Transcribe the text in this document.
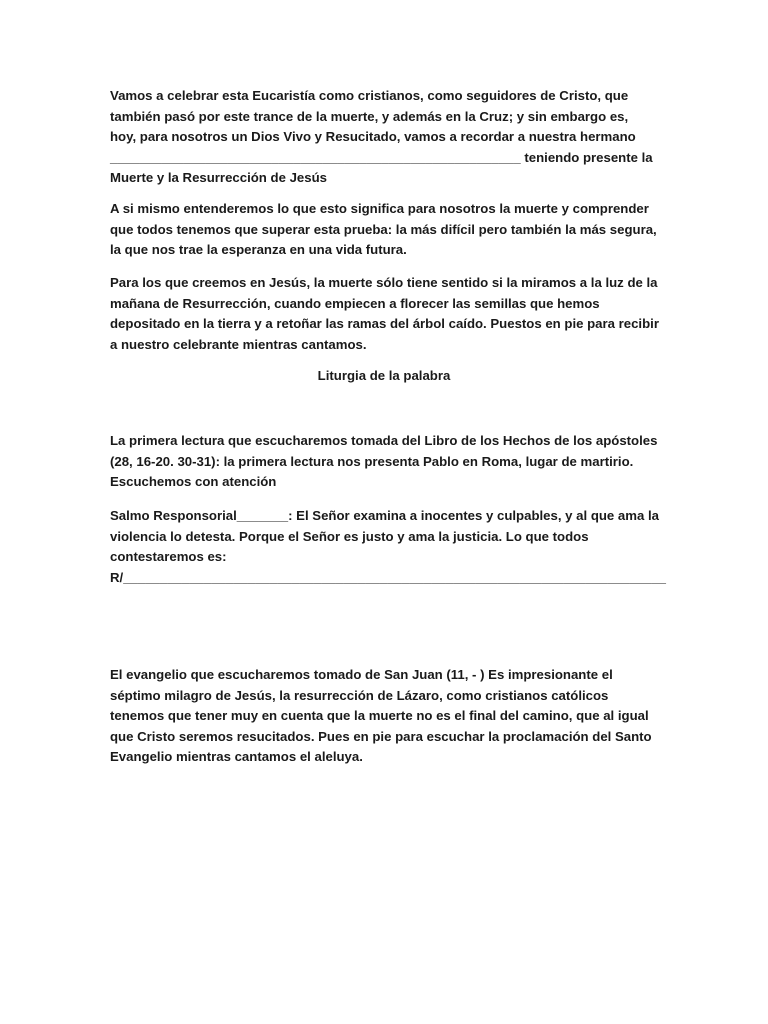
Vamos a celebrar esta Eucaristía como cristianos, como seguidores de Cristo, que
también pasó por este trance de la muerte, y además en la Cruz; y sin embargo es,
hoy, para nosotros un Dios Vivo y Resucitado, vamos a recordar a nuestra hermano
________________________________________________________ teniendo presente la
Muerte y la Resurrección de Jesús

A si mismo entenderemos lo que esto significa para nosotros la muerte y comprender que todos tenemos que superar esta prueba: la más difícil pero también la más segura, la que nos trae la esperanza en una vida futura.

Para los que creemos en Jesús, la muerte sólo tiene sentido si la miramos a la luz de la mañana de Resurrección, cuando empiecen a florecer las semillas que hemos depositado en la tierra y a retoñar las ramas del árbol caído. Puestos en pie para recibir a nuestro celebrante mientras cantamos.

Liturgia de la palabra

La primera lectura que escucharemos tomada del Libro de los Hechos de los apóstoles (28, 16-20. 30-31): la primera lectura nos presenta Pablo en Roma, lugar de martirio. Escuchemos con atención

Salmo Responsorial_______: El Señor examina a inocentes y culpables, y al que ama la violencia lo detesta. Porque el Señor es justo y ama la justicia. Lo que todos contestaremos es:

R/__________________________________________________________________________

El evangelio que escucharemos tomado de San Juan (11, - ) Es impresionante el séptimo milagro de Jesús, la resurrección de Lázaro, como cristianos católicos tenemos que tener muy en cuenta que la muerte no es el final del camino, que al igual que Cristo seremos resucitados. Pues en pie para escuchar la proclamación del Santo Evangelio mientras cantamos el aleluya.
